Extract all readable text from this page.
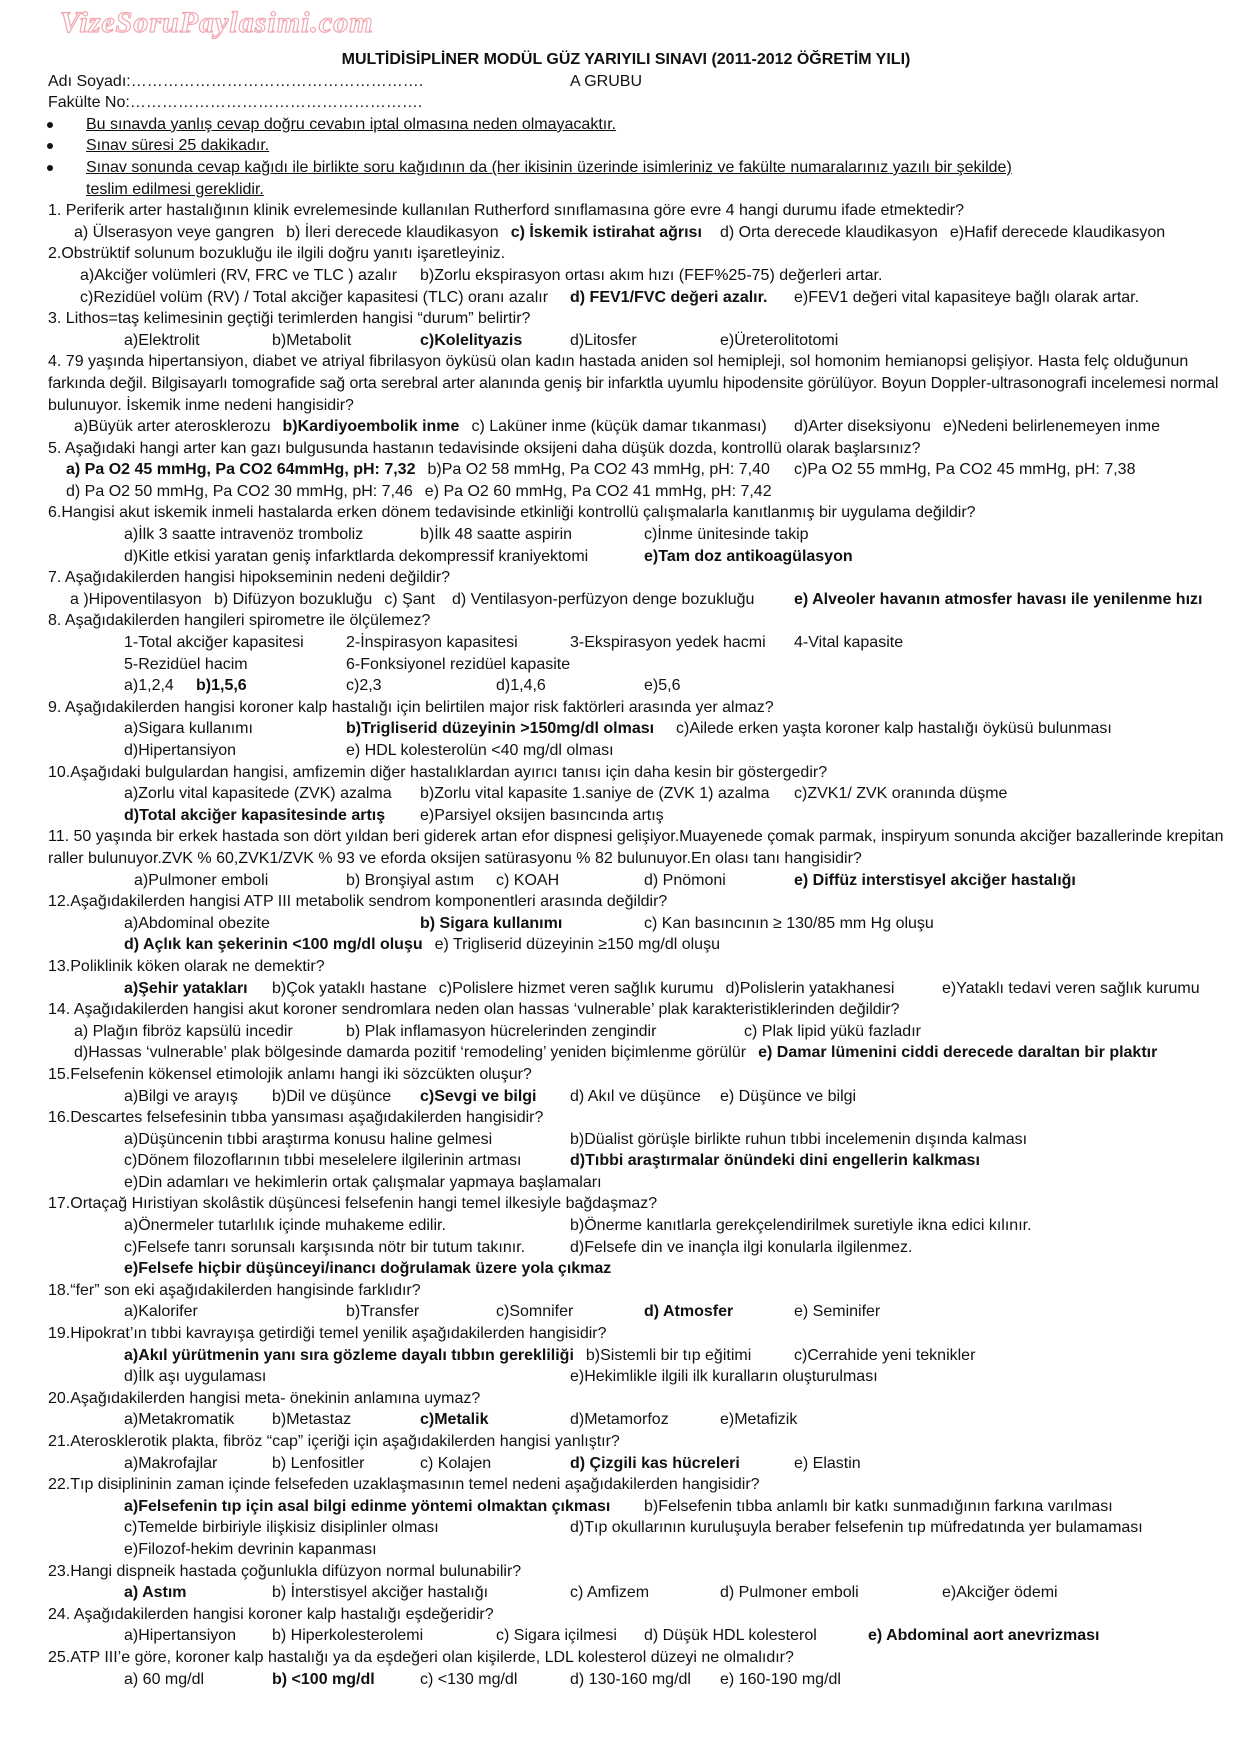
VizeSoruPaylasimi.com
MULTİDİSİPLİNER MODÜL GÜZ YARIYILI SINAVI (2011-2012 ÖĞRETİM YILI)
Adı Soyadı:……………………………………………….	A GRUBU
Fakülte No:……………………………………………….
Bu sınavda yanlış cevap doğru cevabın iptal olmasına neden olmayacaktır.
Sınav süresi 25 dakikadır.
Sınav sonunda cevap kağıdı ile birlikte soru kağıdının da (her ikisinin üzerinde isimleriniz ve fakülte numaralarınız yazılı bir şekilde)
teslim edilmesi gereklidir.
1. Periferik arter hastalığının klinik evrelemesinde kullanılan Rutherford sınıflamasına göre evre 4 hangi durumu ifade etmektedir?
a) Ülserasyon veye gangren b) İleri derecede klaudikasyon c) İskemik istirahat ağrısı d) Orta derecede klaudikasyon e)Hafif derecede klaudikasyon
2.Obstrüktif solunum bozukluğu ile ilgili doğru yanıtı işaretleyiniz.
a)Akciğer volümleri (RV, FRC ve TLC ) azalır b)Zorlu ekspirasyon ortası akım hızı (FEF%25-75) değerleri artar.
c)Rezidüel volüm (RV) / Total akciğer kapasitesi (TLC) oranı azalır d) FEV1/FVC değeri azalır. e)FEV1 değeri vital kapasiteye bağlı olarak artar.
3. Lithos=taş kelimesinin geçtiği terimlerden hangisi “durum” belirtir?
a)Elektrolit	b)Metabolit	c)Kolelityazis	d)Litosfer	e)Üreterolitotomi
4. 79 yaşında hipertansiyon, diabet ve atriyal fibrilasyon öyküsü olan kadın hastada aniden sol hemipleji, sol homonim hemianopsi gelişiyor. Hasta felç olduğunun
farkında değil. Bilgisayarlı tomografide sağ orta serebral arter alanında geniş bir infarktla uyumlu hipodensite görülüyor. Boyun Doppler-ultrasonografi incelemesi normal
bulunuyor. İskemik inme nedeni hangisidir?
a)Büyük arter aterosklerozu b)Kardiyoembolik inme c) Laküner inme (küçük damar tıkanması) d)Arter diseksiyonu e)Nedeni belirlenemeyen inme
5. Aşağıdaki hangi arter kan gazı bulgusunda hastanın tedavisinde oksijeni daha düşük dozda, kontrollü olarak başlarsınız?
a) Pa O2 45 mmHg, Pa CO2 64mmHg, pH: 7,32 b)Pa O2 58 mmHg, Pa CO2 43 mmHg, pH: 7,40 c)Pa O2 55 mmHg, Pa CO2 45 mmHg, pH: 7,38
d) Pa O2 50 mmHg, Pa CO2 30 mmHg, pH: 7,46 e) Pa O2 60 mmHg, Pa CO2 41 mmHg, pH: 7,42
6.Hangisi akut iskemik inmeli hastalarda erken dönem tedavisinde etkinliği kontrollü çalışmalarla kanıtlanmış bir uygulama değildir?
a)İlk 3 saatte intravenöz tromboliz	b)İlk 48 saatte aspirin	c)İnme ünitesinde takip
d)Kitle etkisi yaratan geniş infarktlarda dekompressif kraniyektomi	e)Tam doz antikoagülasyon
7. Aşağıdakilerden hangisi hipokseminin nedeni değildir?
a )Hipoventilasyon b) Difüzyon bozukluğu c) Şant d) Ventilasyon-perfüzyon denge bozukluğu e) Alveoler havanın atmosfer havası ile yenilenme hızı
8. Aşağıdakilerden hangileri spirometre ile ölçülemez?
1-Total akciğer kapasitesi	2-İnspirasyon kapasitesi	3-Ekspirasyon yedek hacmi 4-Vital kapasite
5-Rezidüel hacim	6-Fonksiyonel rezidüel kapasite
a)1,2,4 b)1,5,6	c)2,3	d)1,4,6	e)5,6
9. Aşağıdakilerden hangisi koroner kalp hastalığı için belirtilen major risk faktörleri arasında yer almaz?
a)Sigara kullanımı	b)Trigliserid düzeyinin >150mg/dl olması c)Ailede erken yaşta koroner kalp hastalığı öyküsü bulunması
d)Hipertansiyon	e) HDL kolesterolün <40 mg/dl olması
10.Aşağıdaki bulgulardan hangisi, amfizemin diğer hastalıklardan ayırıcı tanısı için daha kesin bir göstergedir?
a)Zorlu vital kapasitede (ZVK) azalma b)Zorlu vital kapasite 1.saniye de (ZVK 1) azalma c)ZVK1/ ZVK oranında düşme
d)Total akciğer kapasitesinde artış e)Parsiyel oksijen basıncında artış
11. 50 yaşında bir erkek hastada son dört yıldan beri giderek artan efor dispnesi gelişiyor.Muayenede çomak parmak, inspiryum sonunda akciğer bazallerinde krepitan
raller bulunuyor.ZVK % 60,ZVK1/ZVK % 93 ve eforda oksijen satürasyonu % 82 bulunuyor.En olası tanı hangisidir?
a)Pulmoner emboli	b) Bronşiyal astım c) KOAH	d) Pnömoni	e) Diffüz interstisyel akciğer hastalığı
12.Aşağıdakilerden hangisi ATP III metabolik sendrom komponentleri arasında değildir?
a)Abdominal obezite	b) Sigara kullanımı	c) Kan basıncının ≥ 130/85 mm Hg oluşu
d) Açlık kan şekerinin <100 mg/dl oluşu e) Trigliserid düzeyinin ≥150 mg/dl oluşu
13.Poliklinik köken olarak ne demektir?
a)Şehir yatakları b)Çok yataklı hastane c)Polislere hizmet veren sağlık kurumu d)Polislerin yatakhanesi	e)Yataklı tedavi veren sağlık kurumu
14. Aşağıdakilerden hangisi akut koroner sendromlara neden olan hassas ‘vulnerable’ plak karakteristiklerinden değildir?
a) Plağın fibröz kapsülü incedir	b) Plak inflamasyon hücrelerinden zengindir	c) Plak lipid yükü fazladır
d)Hassas ‘vulnerable’ plak bölgesinde damarda pozitif ‘remodeling’ yeniden biçimlenme görülür e) Damar lümenini ciddi derecede daraltan bir plaktır
15.Felsefenin kökensel etimolojik anlamı hangi iki sözcükten oluşur?
a)Bilgi ve arayış b)Dil ve düşünce c)Sevgi ve bilgi d) Akıl ve düşünce e) Düşünce ve bilgi
16.Descartes felsefesinin tıbba yansıması aşağıdakilerden hangisidir?
a)Düşüncenin tıbbi araştırma konusu haline gelmesi	b)Düalist görüşle birlikte ruhun tıbbi incelemenin dışında kalması
c)Dönem filozoflarının tıbbi meselelere ilgilerinin artması	d)Tıbbi araştırmalar önündeki dini engellerin kalkması
e)Din adamları ve hekimlerin ortak çalışmalar yapmaya başlamaları
17.Ortaçağ Hıristiyan skolâstik düşüncesi felsefenin hangi temel ilkesiyle bağdaşmaz?
a)Önermeler tutarlılık içinde muhakeme edilir.	b)Önerme kanıtlarla gerekçelendirilmek suretiyle ikna edici kılınır.
c)Felsefe tanrı sorunsalı karşısında nötr bir tutum takınır.	d)Felsefe din ve inançla ilgi konularla ilgilenmez.
e)Felsefe hiçbir düşünceyi/inancı doğrulamak üzere yola çıkmaz
18.“fer” son eki aşağıdakilerden hangisinde farklıdır?
a)Kalorifer	b)Transfer	c)Somnifer	d) Atmosfer	e) Seminifer
19.Hipokrat’ın tıbbi kavrayışa getirdiği temel yenilik aşağıdakilerden hangisidir?
a)Akıl yürütmenin yanı sıra gözleme dayalı tıbbın gerekliliği b)Sistemli bir tıp eğitimi	c)Cerrahide yeni teknikler
d)İlk aşı uygulaması	e)Hekimlikle ilgili ilk kuralların oluşturulması
20.Aşağıdakilerden hangisi meta- önekinin anlamına uymaz?
a)Metakromatik b)Metastaz	c)Metalik	d)Metamorfoz	e)Metafizik
21.Aterosklerotik plakta, fibröz “cap” içeriği için aşağıdakilerden hangisi yanlıştır?
a)Makrofajlar	b) Lenfositler	c) Kolajen	d) Çizgili kas hücreleri	e) Elastin
22.Tıp disiplininin zaman içinde felsefeden uzaklaşmasının temel nedeni aşağıdakilerden hangisidir?
a)Felsefenin tıp için asal bilgi edinme yöntemi olmaktan çıkması b)Felsefenin tıbba anlamlı bir katkı sunmadığının farkına varılması
c)Temelde birbiriyle ilişkisiz disiplinler olması	d)Tıp okullarının kuruluşuyla beraber felsefenin tıp müfredatında yer bulamaması
e)Filozof-hekim devrinin kapanması
23.Hangi dispneik hastada çoğunlukla difüzyon normal bulunabilir?
a) Astım	b) İnterstisyel akciğer hastalığı	c) Amfizem	d) Pulmoner emboli	e)Akciğer ödemi
24. Aşağıdakilerden hangisi koroner kalp hastalığı eşdeğeridir?
a)Hipertansiyon b) Hiperkolesterolemi	c) Sigara içilmesi d) Düşük HDL kolesterol	e) Abdominal aort anevrizması
25.ATP III’e göre, koroner kalp hastalığı ya da eşdeğeri olan kişilerde, LDL kolesterol düzeyi ne olmalıdır?
a) 60 mg/dl	b) <100 mg/dl	c) <130 mg/dl	d) 130-160 mg/dl e) 160-190 mg/dl
